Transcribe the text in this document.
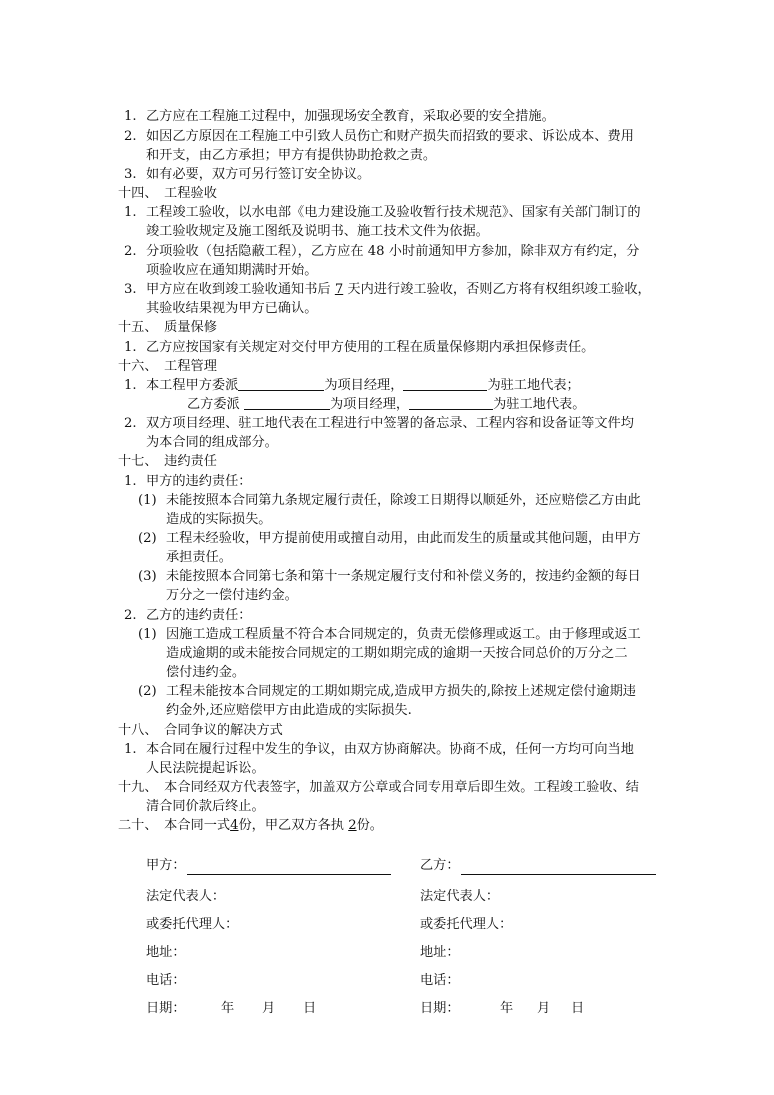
1. 乙方应在工程施工过程中，加强现场安全教育，采取必要的安全措施。
2. 如因乙方原因在工程施工中引致人员伤亡和财产损失而招致的要求、诉讼成本、费用
和开支，由乙方承担；甲方有提供协助抢救之责。
3. 如有必要，双方可另行签订安全协议。
十四、　工程验收
1. 工程竣工验收，以水电部《电力建设施工及验收暂行技术规范》、国家有关部门制订的
竣工验收规定及施工图纸及说明书、施工技术文件为依据。
2. 分项验收（包括隐蔽工程），乙方应在 48 小时前通知甲方参加，除非双方有约定，分
项验收应在通知期满时开始。
3. 甲方应在收到竣工验收通知书后 7 天内进行竣工验收，否则乙方将有权组织竣工验收，
其验收结果视为甲方已确认。
十五、　质量保修
1. 乙方应按国家有关规定对交付甲方使用的工程在质量保修期内承担保修责任。
十六、　工程管理
1. 本工程甲方委派	为项目经理，	为驻工地代表；
乙方委派	为项目经理，	为驻工地代表。
2. 双方项目经理、驻工地代表在工程进行中签署的备忘录、工程内容和设备证等文件均
为本合同的组成部分。
十七、　违约责任
1. 甲方的违约责任：
(1) 未能按照本合同第九条规定履行责任，除竣工日期得以顺延外，还应赔偿乙方由此
造成的实际损失。
(2) 工程未经验收，甲方提前使用或擅自动用，由此而发生的质量或其他问题，由甲方
承担责任。
(3) 未能按照本合同第七条和第十一条规定履行支付和补偿义务的，按违约金额的每日
万分之一偿付违约金。
2. 乙方的违约责任：
(1) 因施工造成工程质量不符合本合同规定的，负责无偿修理或返工。由于修理或返工
造成逾期的或未能按合同规定的工期如期完成的逾期一天按合同总价的万分之二
偿付违约金。
(2) 工程未能按本合同规定的工期如期完成,造成甲方损失的,除按上述规定偿付逾期违
约金外,还应赔偿甲方由此造成的实际损失.
十八、　合同争议的解决方式
1. 本合同在履行过程中发生的争议，由双方协商解决。协商不成，任何一方均可向当地
人民法院提起诉讼。
十九、　本合同经双方代表签字，加盖双方公章或合同专用章后即生效。工程竣工验收、结
清合同价款后终止。
二十、　本合同一式4份，甲乙双方各执 2份。
甲方：
法定代表人：
或委托代理人：
地址：
电话：
日期：	年 月 日
乙方：
法定代表人：
或委托代理人：
地址：
电话：
日期：	年 月 日
